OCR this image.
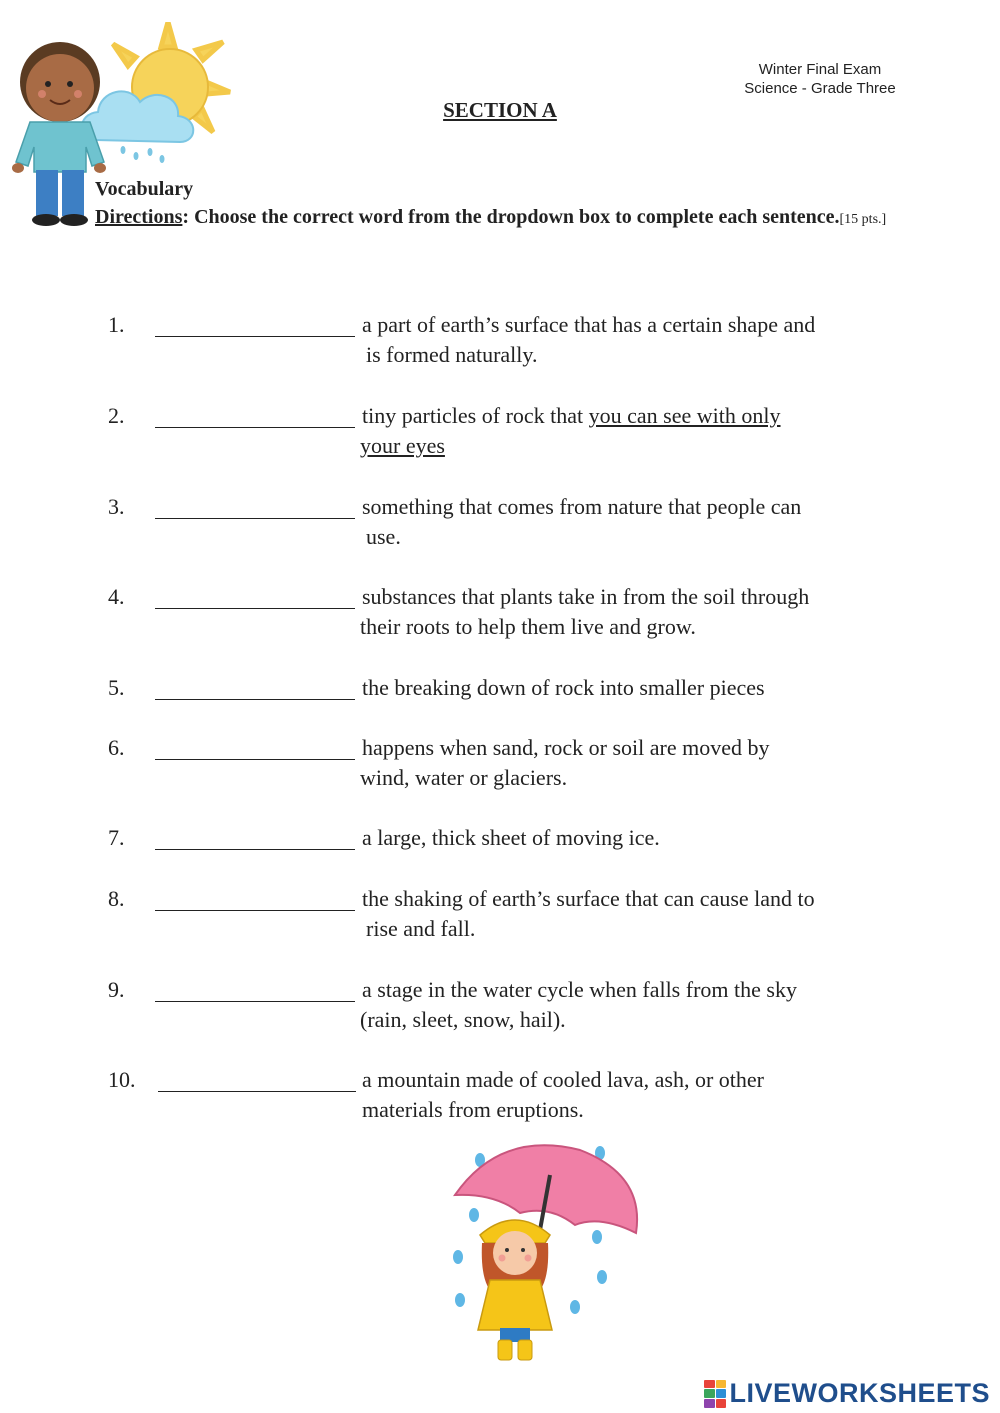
Winter Final Exam
Science - Grade Three
SECTION A
Vocabulary
Directions: Choose the correct word from the dropdown box to complete each sentence.[15 pts.]
1.	a part of earth’s surface that has a certain shape and
is formed naturally.
2.	tiny particles of rock that you can see with only
your eyes
3.	something that comes from nature that people can
use.
4.	substances that plants take in from the soil through
their roots to help them live and grow.
5.	the breaking down of rock into smaller pieces
6.	happens when sand, rock or soil are moved by
wind, water or glaciers.
7.	a large, thick sheet of moving ice.
8.	the shaking of earth’s surface that can cause land to
rise and fall.
9.	a stage in the water cycle when falls from the sky
(rain, sleet, snow, hail).
10.	a mountain made of cooled lava, ash, or other
materials from eruptions.
LIVEWORKSHEETS
